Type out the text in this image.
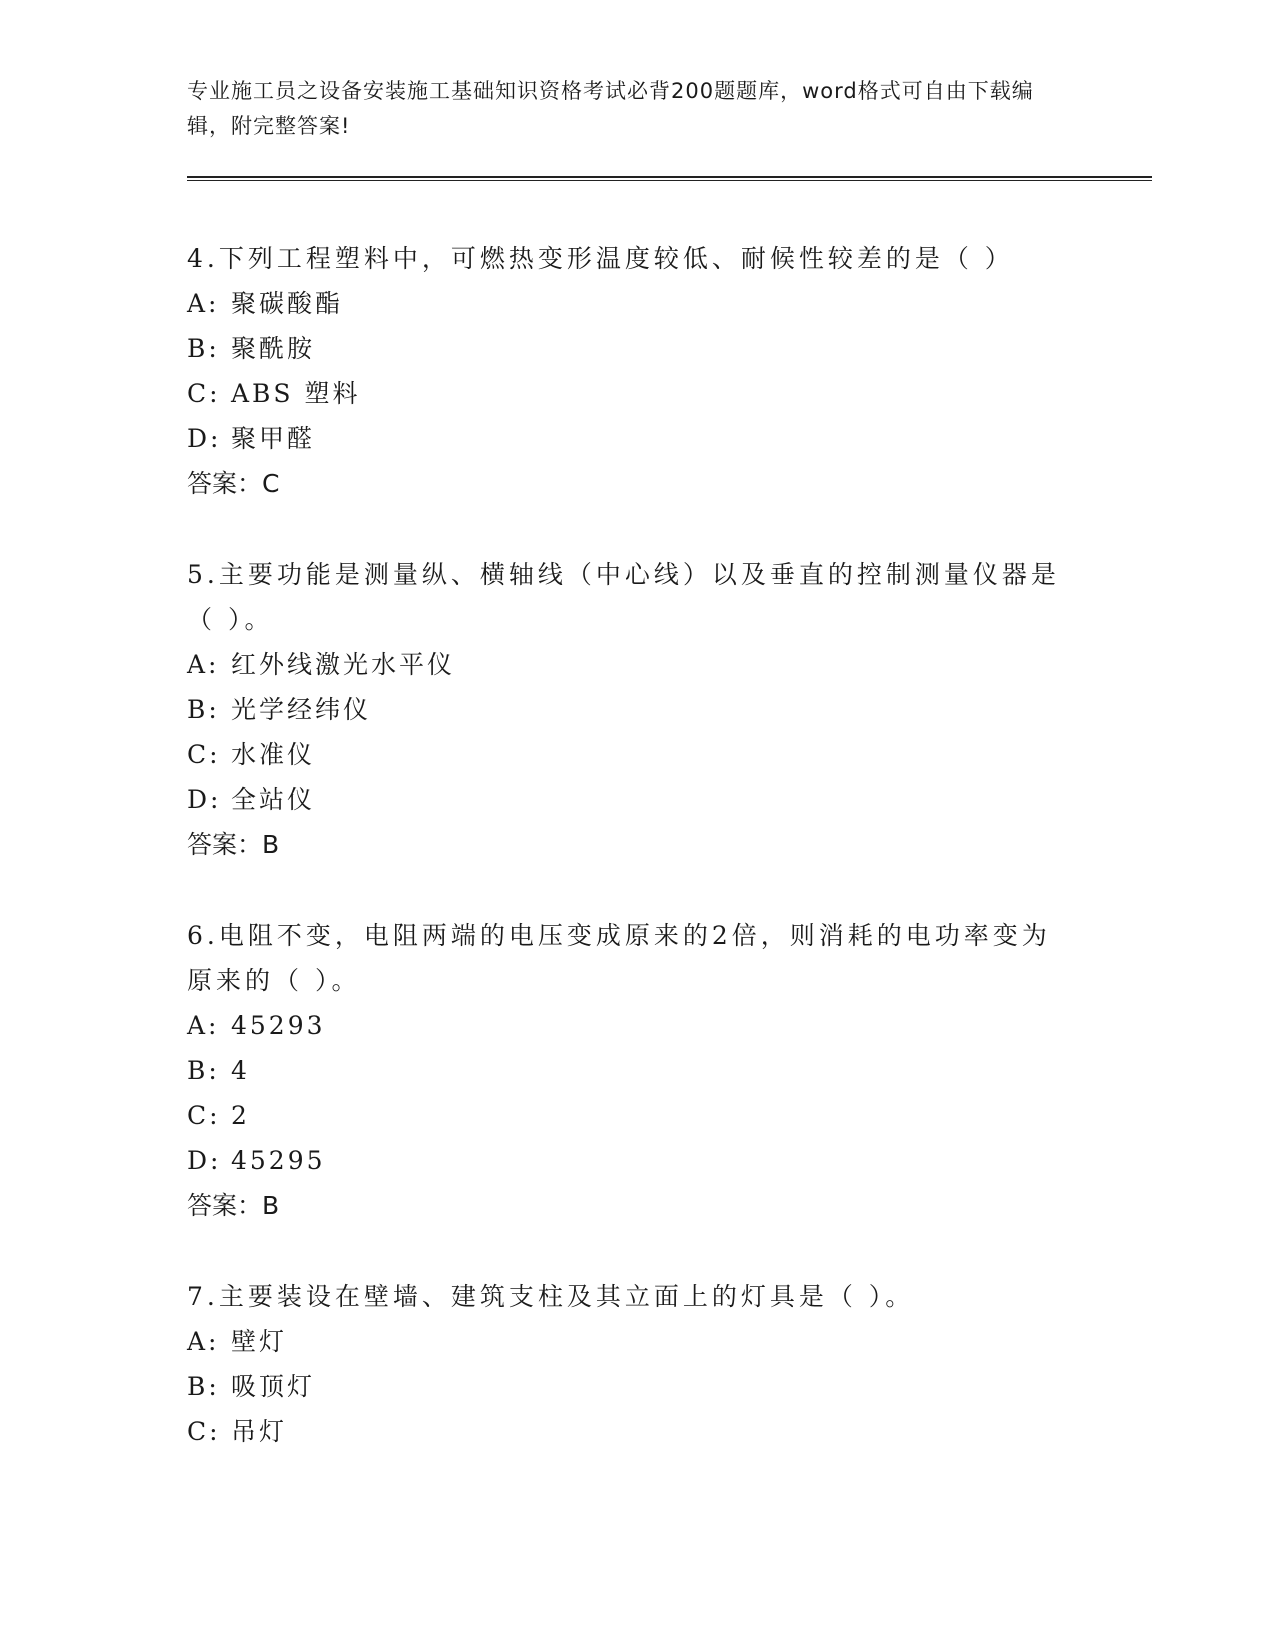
专业施工员之设备安装施工基础知识资格考试必背200题题库，word格式可自由下载编辑，附完整答案!
4.下列工程塑料中，可燃热变形温度较低、耐候性较差的是（ ）
A: 聚碳酸酯
B: 聚酰胺
C: ABS 塑料
D: 聚甲醛
答案：C
5.主要功能是测量纵、横轴线（中心线）以及垂直的控制测量仪器是（ ）。
A: 红外线激光水平仪
B: 光学经纬仪
C: 水准仪
D: 全站仪
答案：B
6.电阻不变，电阻两端的电压变成原来的2倍，则消耗的电功率变为原来的（ ）。
A: 45293
B: 4
C: 2
D: 45295
答案：B
7.主要装设在壁墙、建筑支柱及其立面上的灯具是（ ）。
A: 壁灯
B: 吸顶灯
C: 吊灯
